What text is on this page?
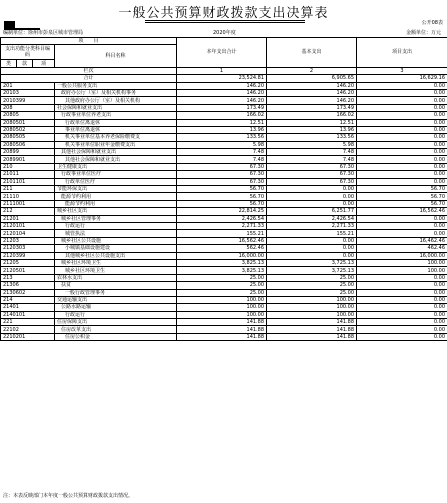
一般公共预算财政拨款支出决算表
公开08表
编制单位：徐州市彭泉区城市管理局	2020年度	金额单位：万元
项　　目				本年支出合计	基本支出	项目支出
支出功能分类科目编码			科目名称			

类	款	项				
栏次				1	2	3
合计				23,524.81	6,905.65	16,629.16
201			一般公共服务支出	146.20	146.20	0.00
20103			政府办公厅（室）及相关机构事务	146.20	146.20	0.00
2010399			其他政府办公厅（室）及相关机构	146.20	146.20	0.00
208			社会保障和就业支出	173.49	173.49	0.00
20805			行政事业单位养老支出	166.02	166.02	0.00
2080501			行政单位离退休	12.51	12.51	0.00
2080502			事业单位离退休	13.96	13.96	0.00
2080505			机关事业单位基本养老保险缴费支	133.56	133.56	0.00
2080506			机关事业单位职业年金缴费支出	5.98	5.98	0.00
20899			其他社会保障和就业支出	7.48	7.48	0.00
2089901			其他社会保障和就业支出	7.48	7.48	0.00
210			卫生健康支出	67.30	67.30	0.00
21011			行政事业单位医疗	67.30	67.30	0.00
2101101			行政单位医疗	67.30	67.30	0.00
211			节能环保支出	56.70	0.00	56.70
21110			能源节约利用	56.70	0.00	56.70
2111001			能源节约利用	56.70	0.00	56.70
212			城乡社区支出	22,814.25	6,251.77	16,562.46
21201			城乡社区管理事务	2,426.54	2,426.54	0.00
2120101			行政运行	2,271.33	2,271.33	0.00
2120104			城管执法	155.21	155.21	0.00
21203			城乡社区公共设施	16,562.46	0.00	16,462.46
2120303			小城镇基础设施建设	562.46	0.00	462.46
2120399			其他城乡社区公共设施支出	16,000.00	0.00	16,000.00
21205			城乡社区环境卫生	3,825.13	3,725.13	100.00
2120501			城乡社区环境卫生	3,825.13	3,725.13	100.00
213			农林水支出	25.00	25.00	0.00
21306			扶贫	25.00	25.00	0.00
2130602			一般行政管理事务	25.00	25.00	0.00
214			交通运输支出	100.00	100.00	0.00
21401			公路水路运输	100.00	100.00	0.00
2140101			行政运行	100.00	100.00	0.00
221			住房保障支出	141.88	141.88	0.00
22102			住房改革支出	141.88	141.88	0.00
2210201			住房公积金	141.88	141.88	0.00
注：本表反映部门本年度一般公共预算财政拨款支出情况。
